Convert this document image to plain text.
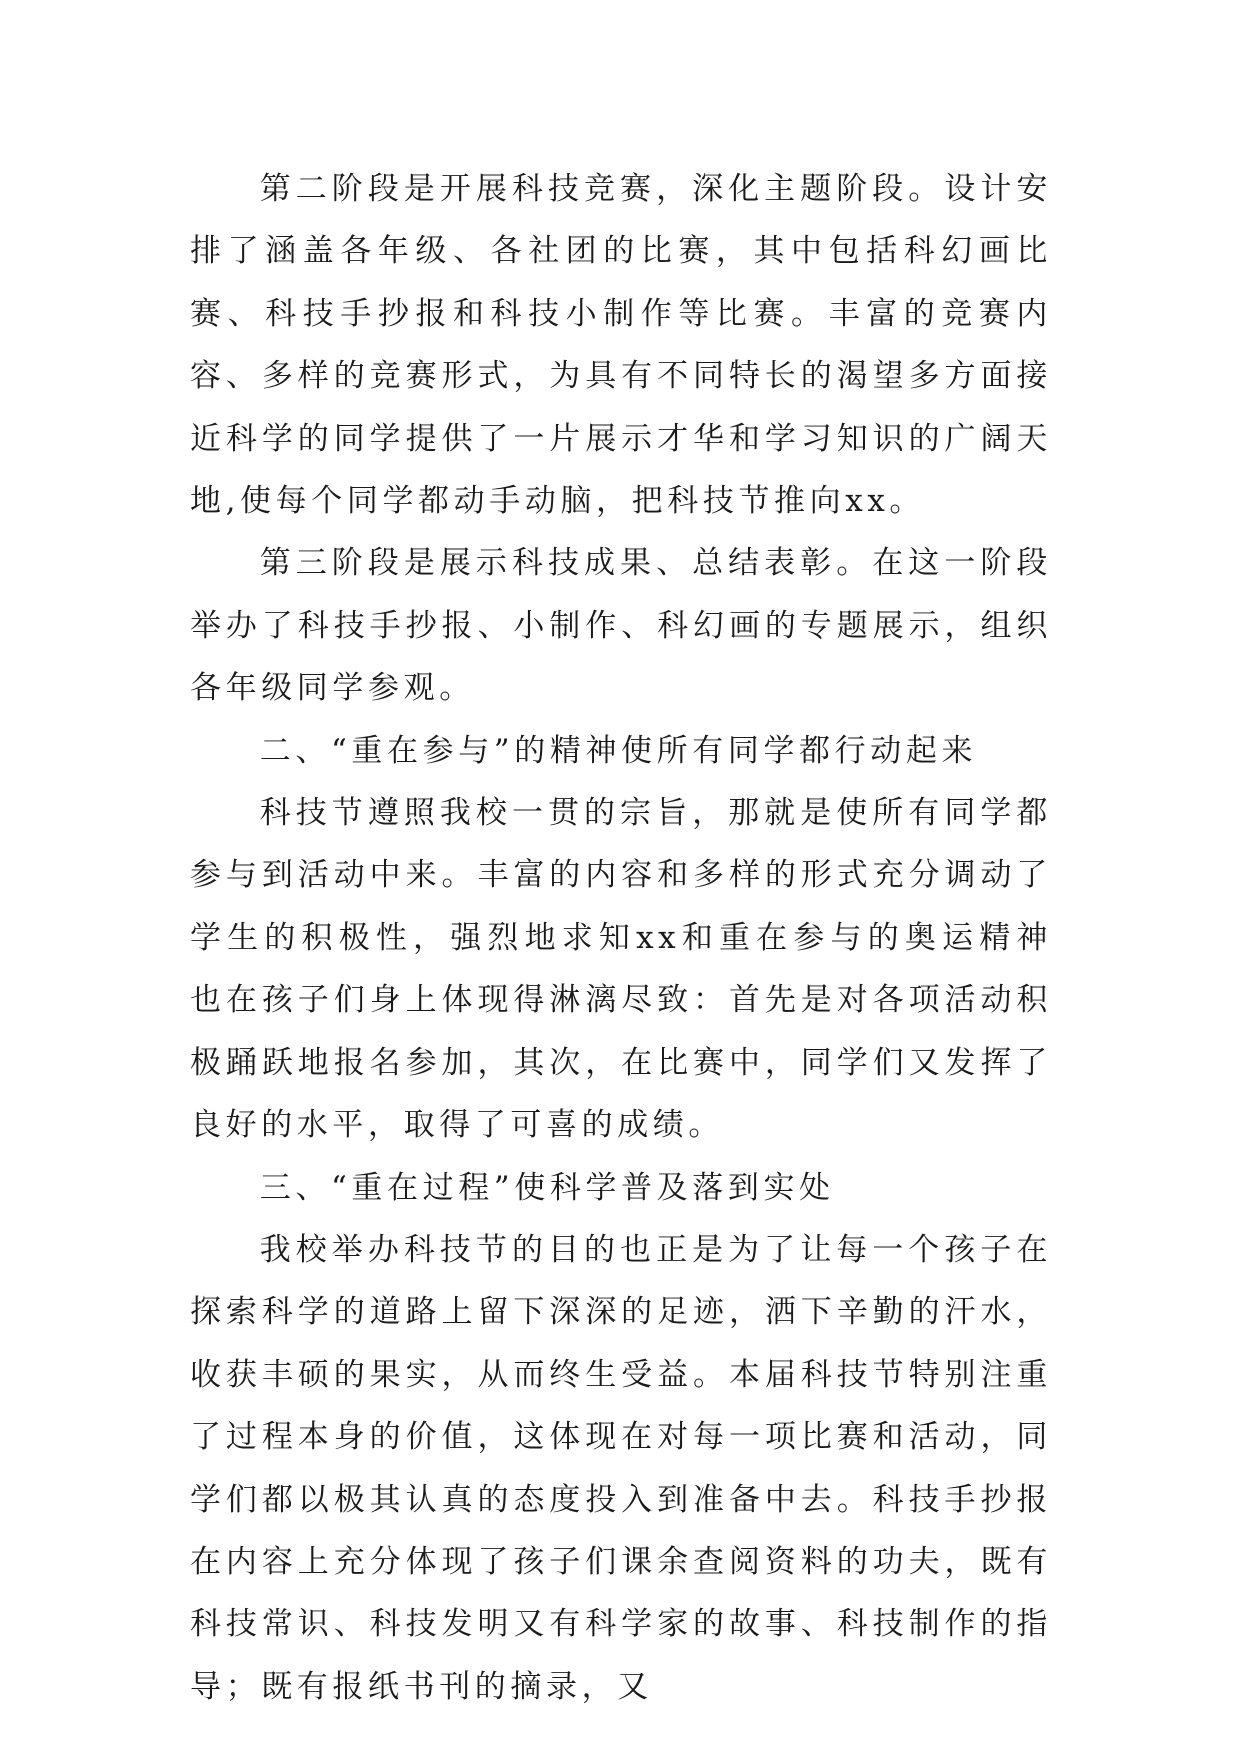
第二阶段是开展科技竞赛，深化主题阶段。设计安排了涵盖各年级、各社团的比赛，其中包括科幻画比赛、科技手抄报和科技小制作等比赛。丰富的竞赛内容、多样的竞赛形式，为具有不同特长的渴望多方面接近科学的同学提供了一片展示才华和学习知识的广阔天地,使每个同学都动手动脑，把科技节推向xx。

第三阶段是展示科技成果、总结表彰。在这一阶段举办了科技手抄报、小制作、科幻画的专题展示，组织各年级同学参观。

二、“重在参与”的精神使所有同学都行动起来

科技节遵照我校一贯的宗旨，那就是使所有同学都参与到活动中来。丰富的内容和多样的形式充分调动了学生的积极性，强烈地求知xx和重在参与的奥运精神也在孩子们身上体现得淋漓尽致：首先是对各项活动积极踊跃地报名参加，其次，在比赛中，同学们又发挥了良好的水平，取得了可喜的成绩。

三、“重在过程”使科学普及落到实处

我校举办科技节的目的也正是为了让每一个孩子在探索科学的道路上留下深深的足迹，洒下辛勤的汗水，收获丰硕的果实，从而终生受益。本届科技节特别注重了过程本身的价值，这体现在对每一项比赛和活动，同学们都以极其认真的态度投入到准备中去。科技手抄报在内容上充分体现了孩子们课余查阅资料的功夫，既有科技常识、科技发明又有科学家的故事、科技制作的指导；既有报纸书刊的摘录，又
